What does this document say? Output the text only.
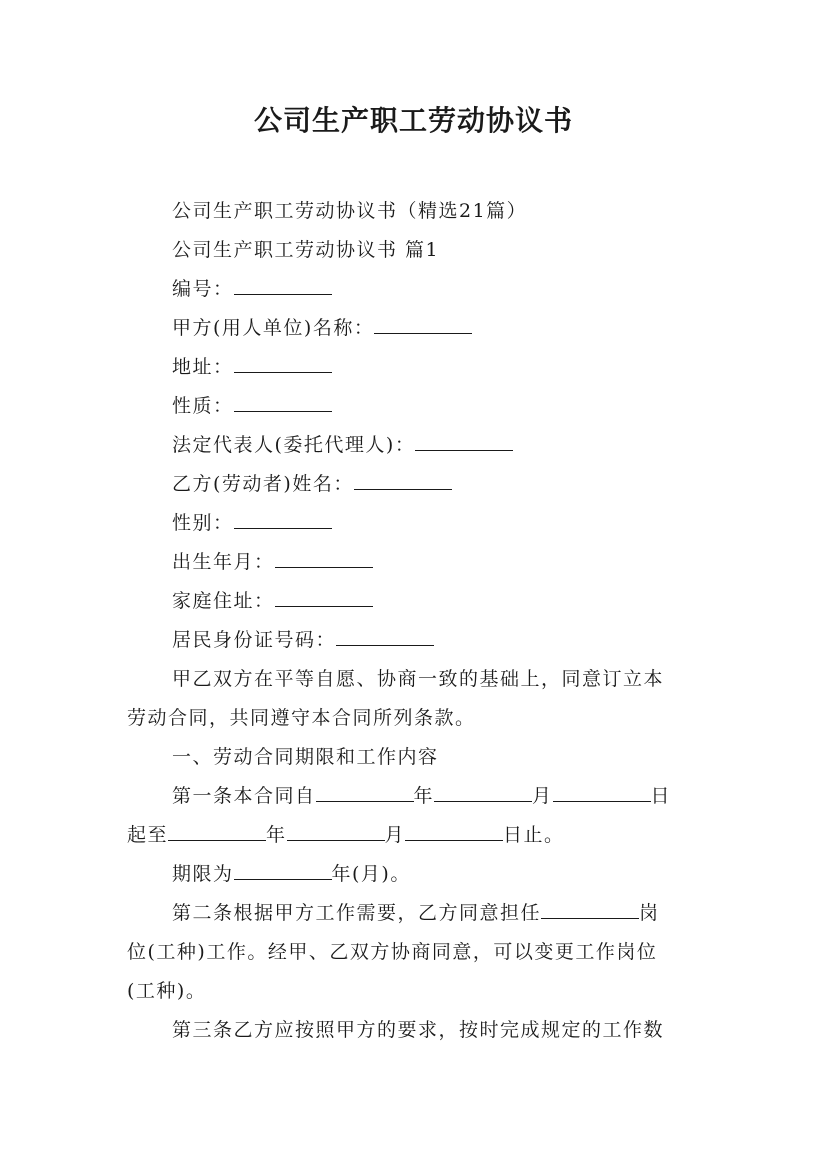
公司生产职工劳动协议书
公司生产职工劳动协议书（精选21篇）
公司生产职工劳动协议书 篇1
编号：
甲方(用人单位)名称：
地址：
性质：
法定代表人(委托代理人)：
乙方(劳动者)姓名：
性别：
出生年月：
家庭住址：
居民身份证号码：
甲乙双方在平等自愿、协商一致的基础上，同意订立本
劳动合同，共同遵守本合同所列条款。
一、劳动合同期限和工作内容
第一条本合同自	年	月	日
起至	年	月	日止。
期限为	年(月)。
第二条根据甲方工作需要，乙方同意担任	岗
位(工种)工作。经甲、乙双方协商同意，可以变更工作岗位
(工种)。
第三条乙方应按照甲方的要求，按时完成规定的工作数
